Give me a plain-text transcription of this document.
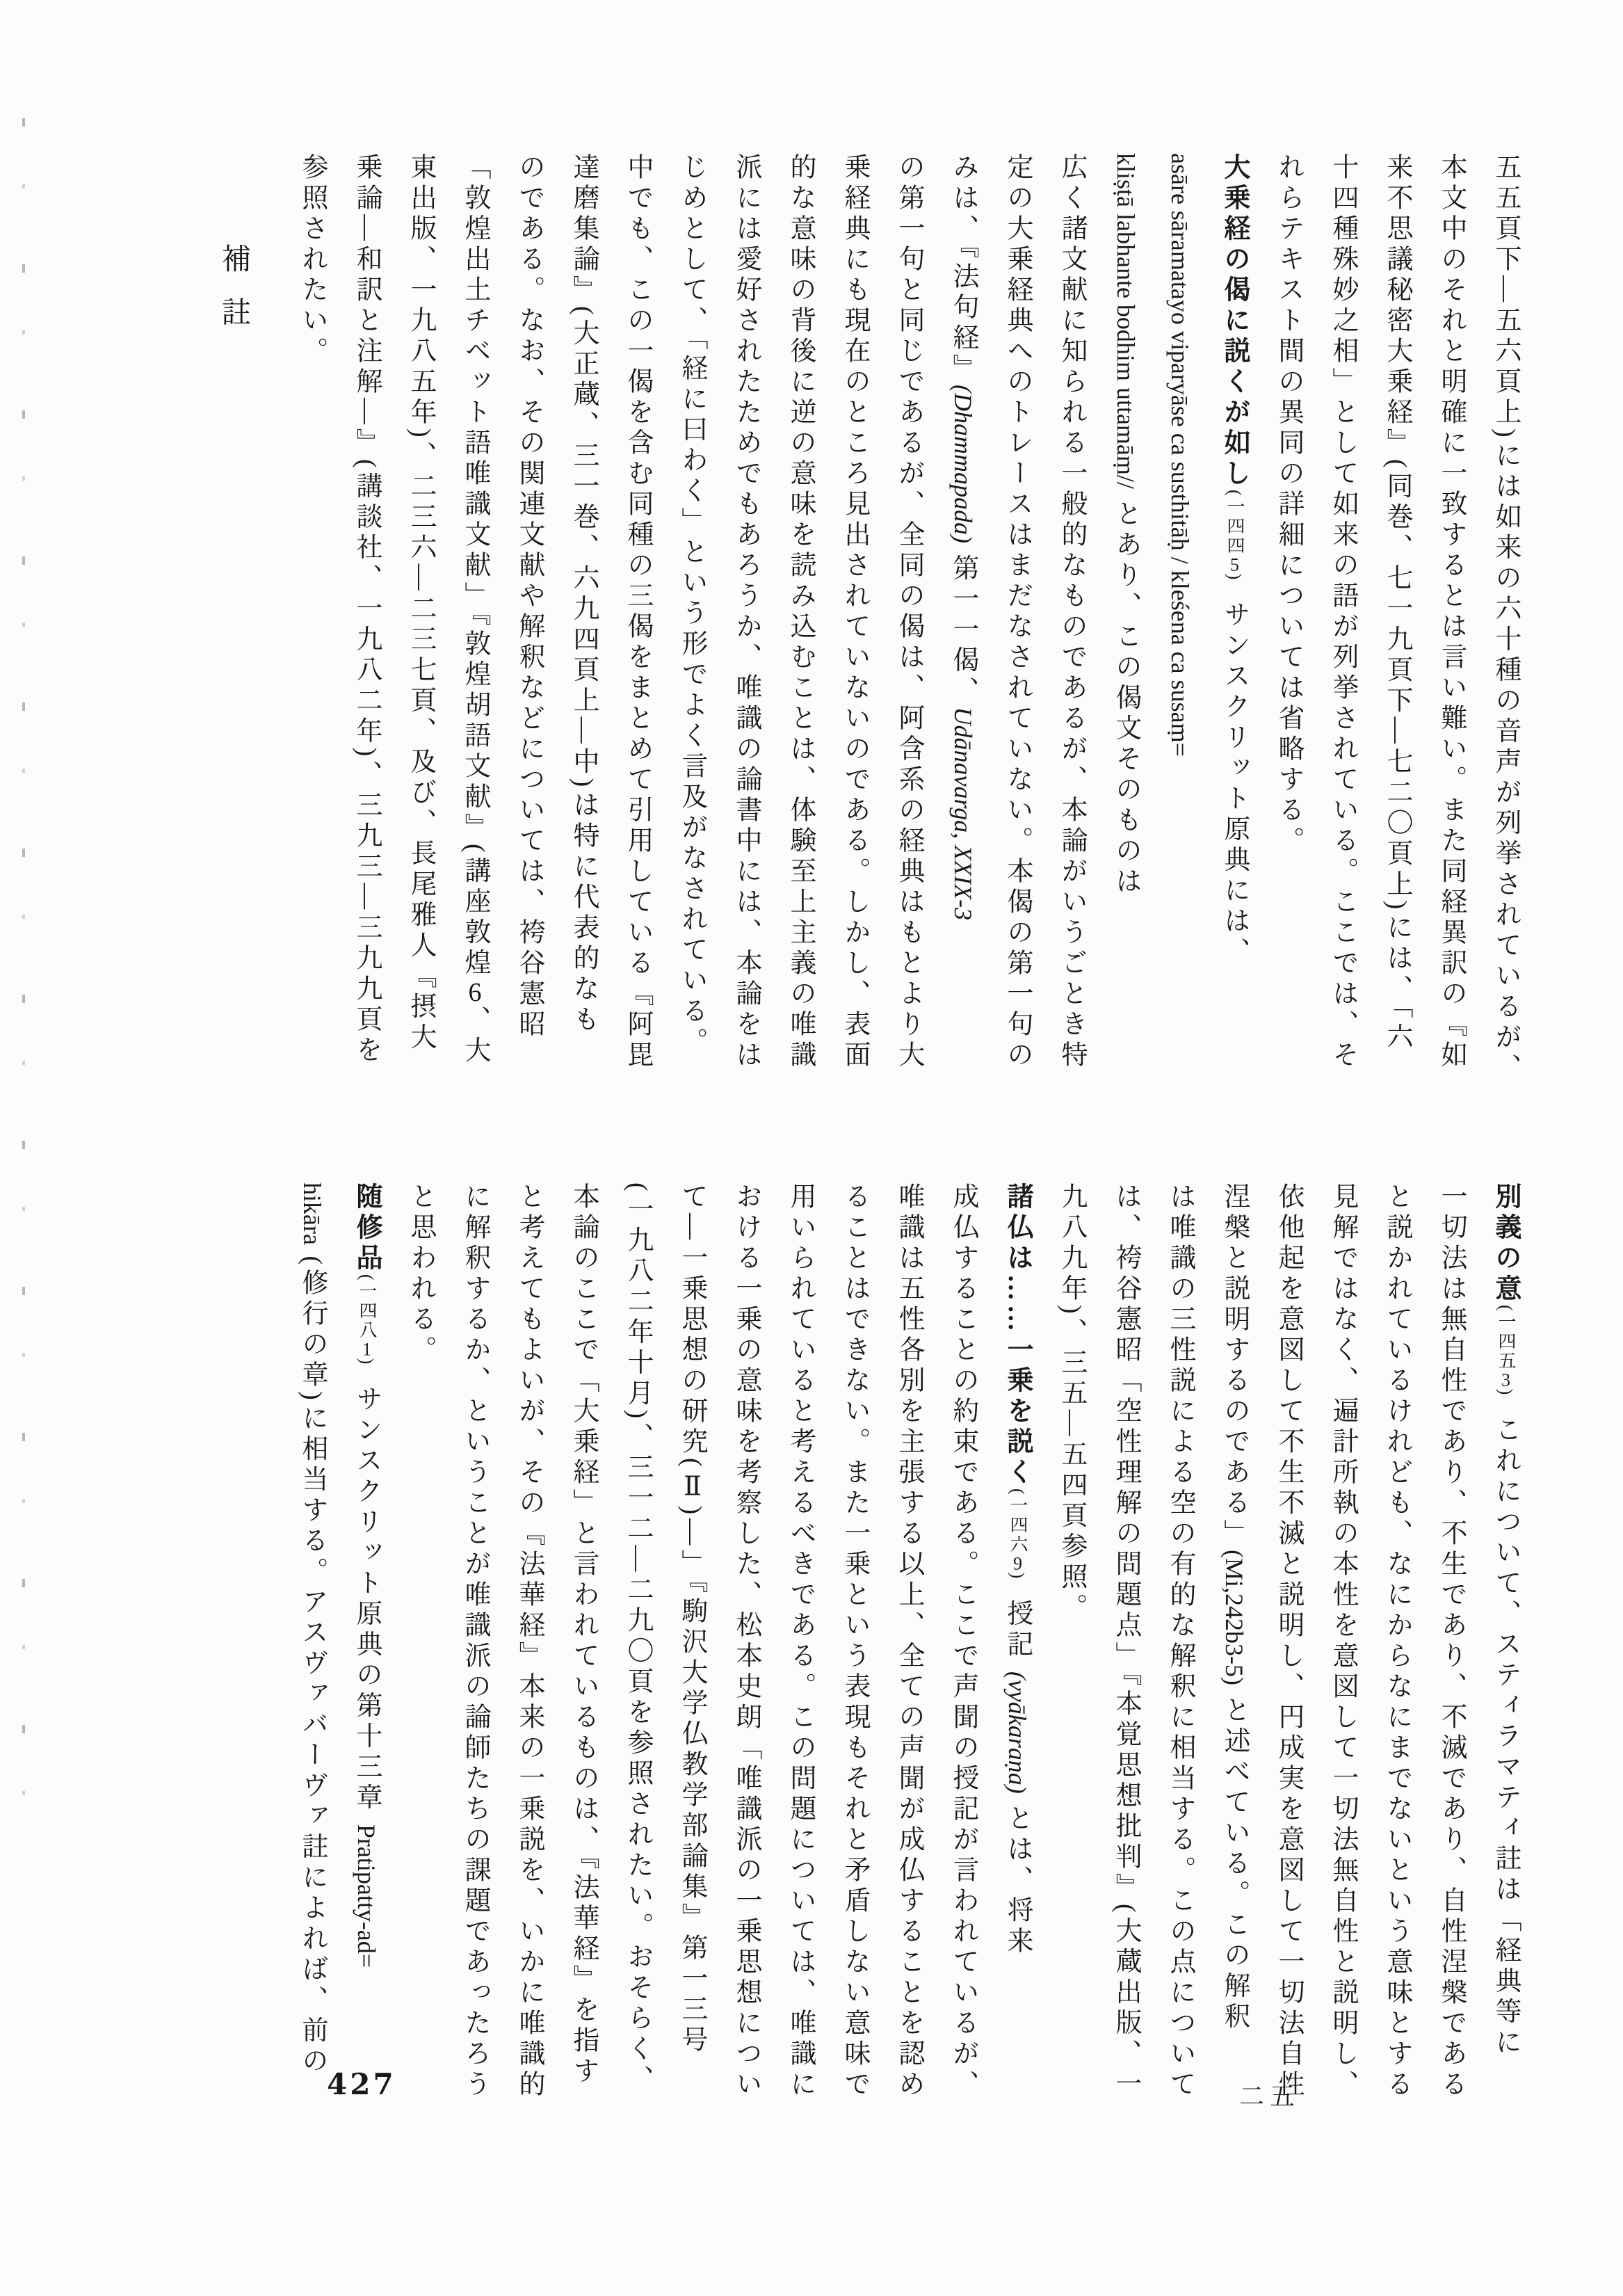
補 註	五五頁下—五六頁上)には如来の六十種の音声が列挙されているが、
本文中のそれと明確に一致するとは言い難い。また同経異訳の『如
来不思議秘密大乗経』(同巻、七一九頁下—七二〇頁上)には、「六
十四種殊妙之相」として如来の語が列挙されている。ここでは、そ
れらテキスト間の異同の詳細については省略する。
大乗経の偈に説くが如し(一四四5)　サンスクリット原典には、
asāre sāramatayo viparyāse ca susthitāḥ / kleśena ca susaṃ=
kliṣṭā labhante bodhim uttamāṃ// とあり、この偈文そのものは
広く諸文献に知られる一般的なものであるが、本論がいうごとき特
定の大乗経典へのトレースはまだなされていない。本偈の第一句の
みは、『法句経』(Dhammapada) 第一一偈、Udānavarga, XXIX-3
の第一句と同じであるが、全同の偈は、阿含系の経典はもとより大
乗経典にも現在のところ見出されていないのである。しかし、表面
的な意味の背後に逆の意味を読み込むことは、体験至上主義の唯識
派には愛好されたためでもあろうか、唯識の論書中には、本論をは
じめとして、「経に曰わく」という形でよく言及がなされている。
中でも、この一偈を含む同種の三偈をまとめて引用している『阿毘
達磨集論』(大正蔵、三一巻、六九四頁上—中)は特に代表的なも
のである。なお、その関連文献や解釈などについては、袴谷憲昭
「敦煌出土チベット語唯識文献」『敦煌胡語文献』(講座敦煌6、大
東出版、一九八五年)、二三六—二三七頁、及び、長尾雅人『摂大
乗論—和訳と注解—』(講談社、一九八二年)、三九三—三九九頁を
参照されたい。
別義の意(一四五3)　これについて、スティラマティ註は「経典等に
一切法は無自性であり、不生であり、不滅であり、自性涅槃である
と説かれているけれども、なにからなにまでないという意味とする
見解ではなく、遍計所執の本性を意図して一切法無自性と説明し、
依他起を意図して不生不滅と説明し、円成実を意図して一切法自性
涅槃と説明するのである」(Mi,242b3-5) と述べている。この解釈
は唯識の三性説による空の有的な解釈に相当する。この点について
は、袴谷憲昭「空性理解の問題点」『本覚思想批判』(大蔵出版、一
九八九年)、三五—五四頁参照。
諸仏は……一乗を説く(一四六9)　授記 (vyākaraṇa) とは、将来
成仏することの約束である。ここで声聞の授記が言われているが、
唯識は五性各別を主張する以上、全ての声聞が成仏することを認め
ることはできない。また一乗という表現もそれと矛盾しない意味で
用いられていると考えるべきである。この問題については、唯識に
おける一乗の意味を考察した、松本史朗「唯識派の一乗思想につい
て—一乗思想の研究(Ⅱ)—」『駒沢大学仏教学部論集』第一三号
(一九八二年十月)、三一二—二九〇頁を参照されたい。おそらく、
本論のここで「大乗経」と言われているものは、『法華経』を指す
と考えてもよいが、その『法華経』本来の一乗説を、いかに唯識的
に解釈するか、ということが唯識派の論師たちの課題であったろう
と思われる。
随修品(一四八1)　サンスクリット原典の第十三章 Pratipatty-ad=
hikāra (修行の章)に相当する。アスヴァバーヴァ註によれば、前の
427	二五
